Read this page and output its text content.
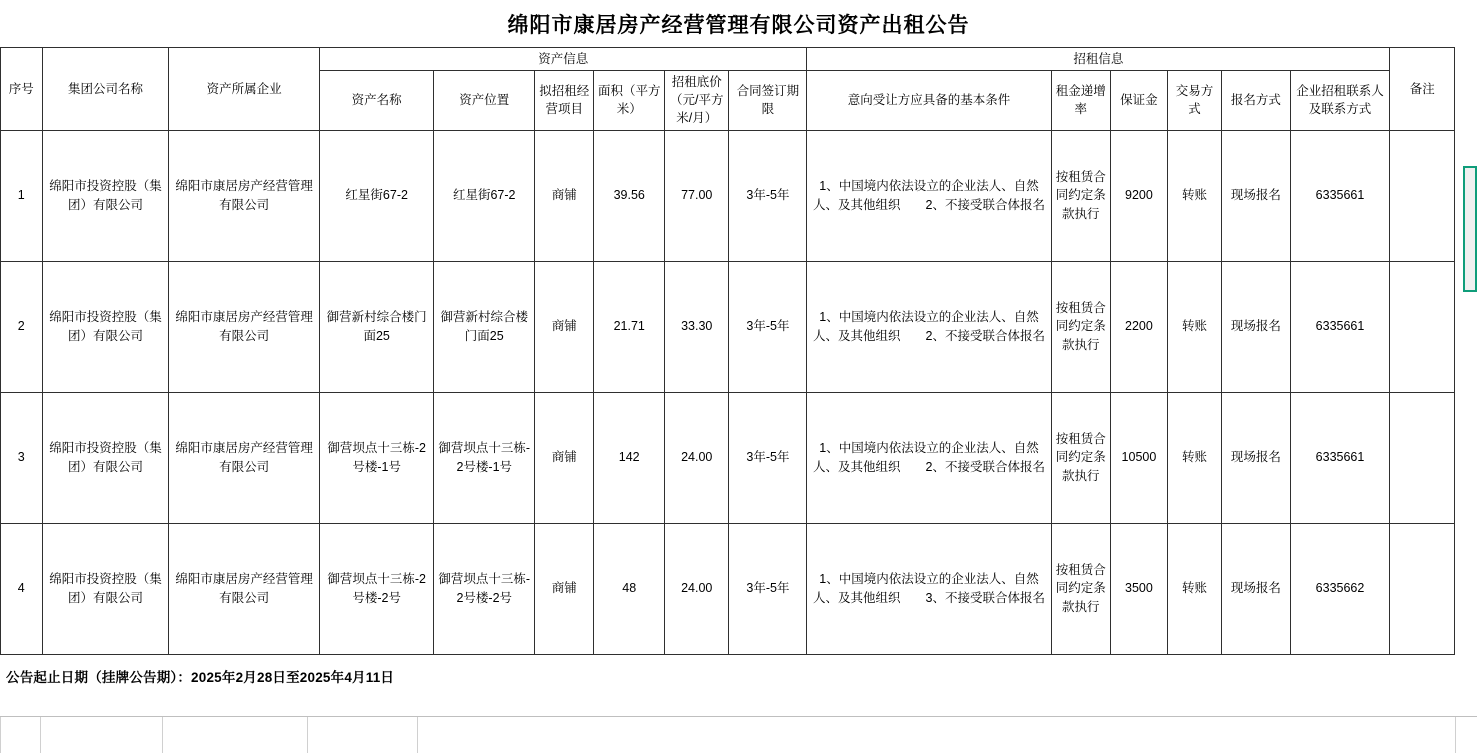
绵阳市康居房产经营管理有限公司资产出租公告
序号	集团公司名称	资产所属企业	资产信息						招租信息						备注
			资产名称	资产位置	拟招租经营项目	面积（平方米）	招租底价（元/平方米/月）	合同签订期限	意向受让方应具备的基本条件	租金递增率	保证金	交易方式	报名方式	企业招租联系人及联系方式	
1	绵阳市投资控股（集团）有限公司	绵阳市康居房产经营管理有限公司	红星街67-2	红星街67-2	商铺	39.56	77.00	3年-5年	1、中国境内依法设立的企业法人、自然人、及其他组织　　2、不接受联合体报名	按租赁合同约定条款执行	9200	转账	现场报名	6335661	
2	绵阳市投资控股（集团）有限公司	绵阳市康居房产经营管理有限公司	御营新村综合楼门面25	御营新村综合楼门面25	商铺	21.71	33.30	3年-5年	1、中国境内依法设立的企业法人、自然人、及其他组织　　2、不接受联合体报名	按租赁合同约定条款执行	2200	转账	现场报名	6335661	
3	绵阳市投资控股（集团）有限公司	绵阳市康居房产经营管理有限公司	御营坝点十三栋-2号楼-1号	御营坝点十三栋-2号楼-1号	商铺	142	24.00	3年-5年	1、中国境内依法设立的企业法人、自然人、及其他组织　　2、不接受联合体报名	按租赁合同约定条款执行	10500	转账	现场报名	6335661	
4	绵阳市投资控股（集团）有限公司	绵阳市康居房产经营管理有限公司	御营坝点十三栋-2号楼-2号	御营坝点十三栋-2号楼-2号	商铺	48	24.00	3年-5年	1、中国境内依法设立的企业法人、自然人、及其他组织　　3、不接受联合体报名	按租赁合同约定条款执行	3500	转账	现场报名	6335662	
公告起止日期（挂牌公告期）：2025年2月28日至2025年4月11日
